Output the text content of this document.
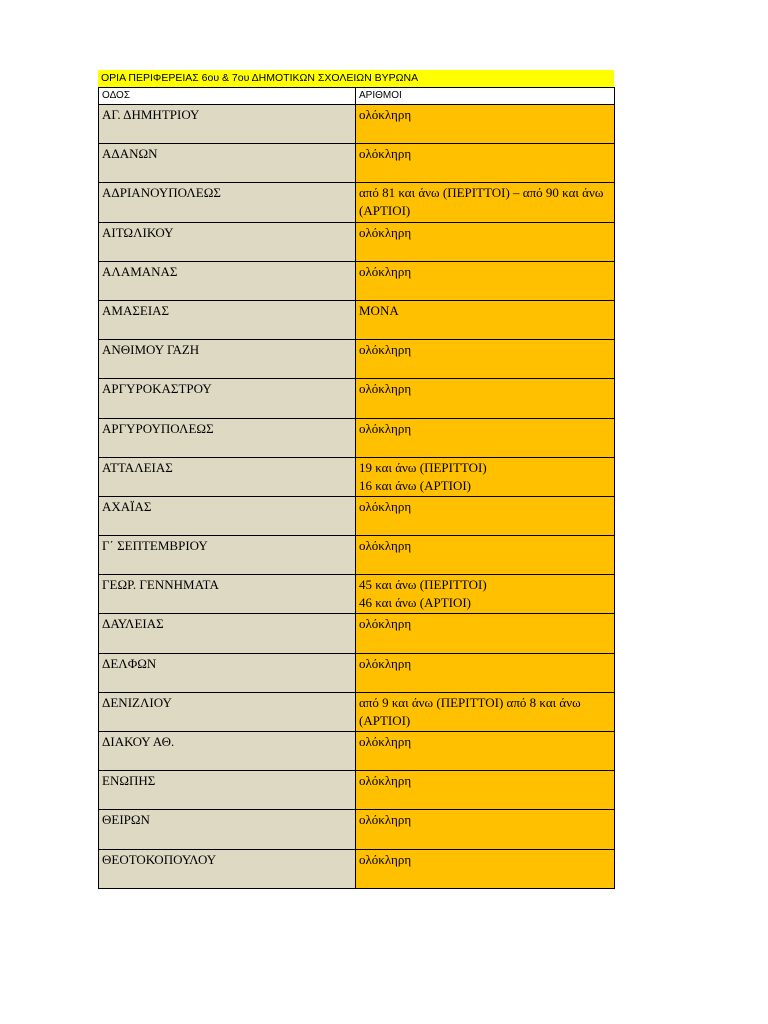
ΟΡΙΑ ΠΕΡΙΦΕΡΕΙΑΣ 6ου & 7ου ΔΗΜΟΤΙΚΩΝ ΣΧΟΛΕΙΩΝ ΒΥΡΩΝΑ
ΟΔΟΣ	ΑΡΙΘΜΟΙ
ΑΓ. ΔΗΜΗΤΡΙΟΥ	ολόκληρη
ΑΔΑΝΩΝ	ολόκληρη
ΑΔΡΙΑΝΟΥΠΟΛΕΩΣ	από 81 και άνω (ΠΕΡΙΤΤΟΙ) – από 90 και άνω (ΑΡΤΙΟΙ)
ΑΙΤΩΛΙΚΟΥ	ολόκληρη
ΑΛΑΜΑΝΑΣ	ολόκληρη
ΑΜΑΣΕΙΑΣ	ΜΟΝΑ
ΑΝΘΙΜΟΥ ΓΑΖΗ	ολόκληρη
ΑΡΓΥΡΟΚΑΣΤΡΟΥ	ολόκληρη
ΑΡΓΥΡΟΥΠΟΛΕΩΣ	ολόκληρη
ΑΤΤΑΛΕΙΑΣ	19 και άνω (ΠΕΡΙΤΤΟΙ)
16 και άνω (ΑΡΤΙΟΙ)
ΑΧΑΪΑΣ	ολόκληρη
Γ΄ ΣΕΠΤΕΜΒΡΙΟΥ	ολόκληρη
ΓΕΩΡ. ΓΕΝΝΗΜΑΤΑ	45 και άνω (ΠΕΡΙΤΤΟΙ)
46 και άνω (ΑΡΤΙΟΙ)
ΔΑΥΛΕΙΑΣ	ολόκληρη
ΔΕΛΦΩΝ	ολόκληρη
ΔΕΝΙΖΛΙΟΥ	από 9 και άνω (ΠΕΡΙΤΤΟΙ) από 8 και άνω (ΑΡΤΙΟΙ)
ΔΙΑΚΟΥ ΑΘ.	ολόκληρη
ΕΝΩΠΗΣ	ολόκληρη
ΘΕΙΡΩΝ	ολόκληρη
ΘΕΟΤΟΚΟΠΟΥΛΟΥ	ολόκληρη
